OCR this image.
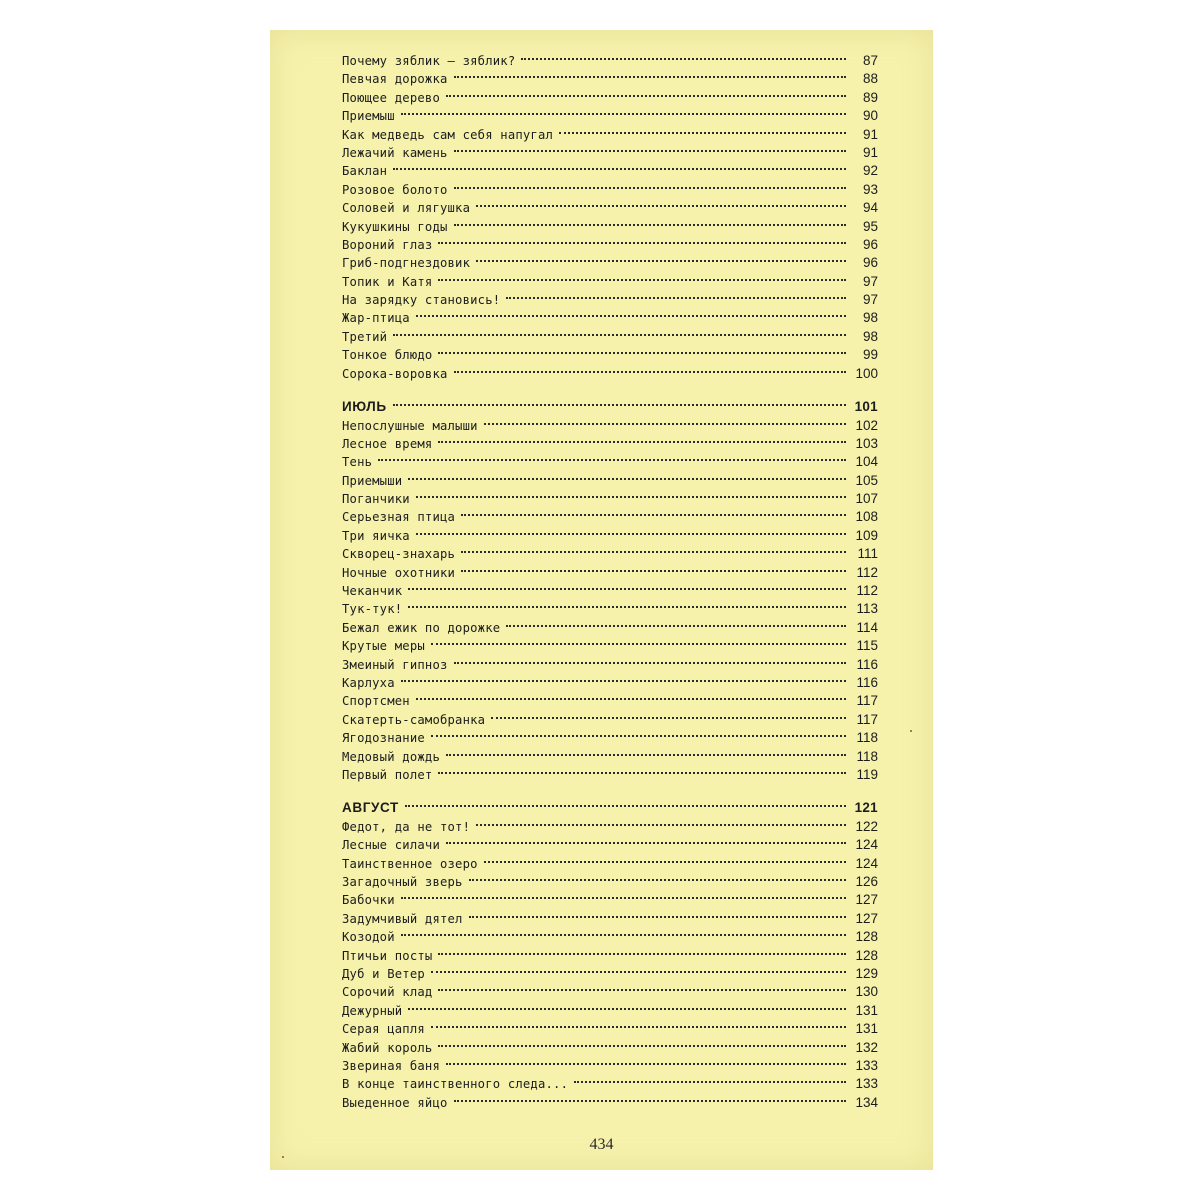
Почему зяблик — зяблик?	87
Певчая дорожка	88
Поющее дерево	89
Приемыш	90
Как медведь сам себя напугал	91
Лежачий камень	91
Баклан	92
Розовое болото	93
Соловей и лягушка	94
Кукушкины годы	95
Вороний глаз	96
Гриб-подгнездовик	96
Топик и Катя	97
На зарядку становись!	97
Жар-птица	98
Третий	98
Тонкое блюдо	99
Сорока-воровка	100
ИЮЛЬ	101
Непослушные малыши	102
Лесное время	103
Тень	104
Приемыши	105
Поганчики	107
Серьезная птица	108
Три яичка	109
Скворец-знахарь	111
Ночные охотники	112
Чеканчик	112
Тук-тук!	113
Бежал ежик по дорожке	114
Крутые меры	115
Змеиный гипноз	116
Карлуха	116
Спортсмен	117
Скатерть-самобранка	117
Ягодознание	118
Медовый дождь	118
Первый полет	119
АВГУСТ	121
Федот, да не тот!	122
Лесные силачи	124
Таинственное озеро	124
Загадочный зверь	126
Бабочки	127
Задумчивый дятел	127
Козодой	128
Птичьи посты	128
Дуб и Ветер	129
Сорочий клад	130
Дежурный	131
Серая цапля	131
Жабий король	132
Звериная баня	133
В конце таинственного следа...	133
Выеденное яйцо	134
434
